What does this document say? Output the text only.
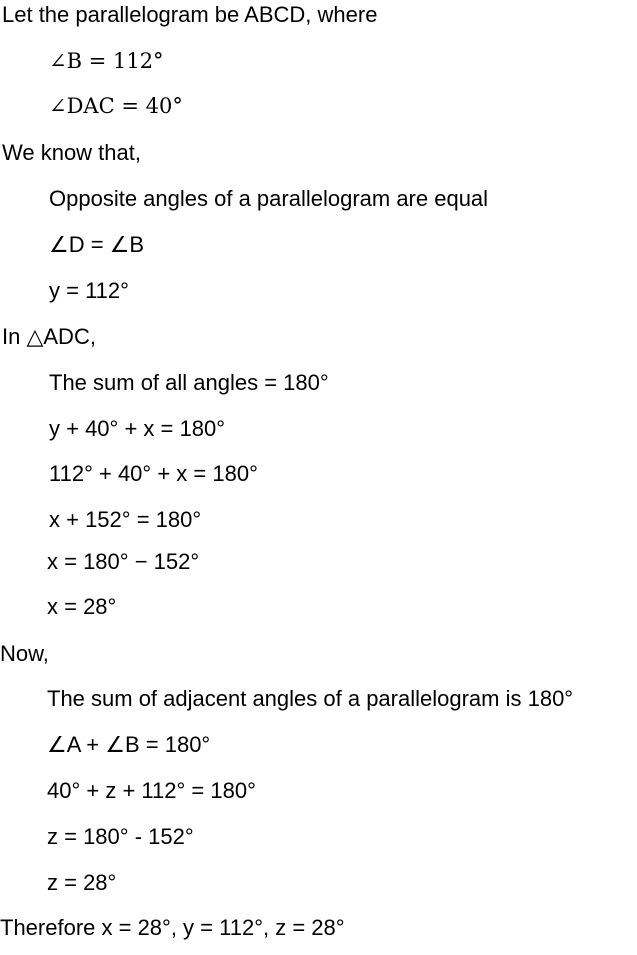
Let the parallelogram be ABCD, where
∠B = 112°
∠DAC = 40°
We know that,
Opposite angles of a parallelogram are equal
∠D = ∠B
y = 112°
In △ADC,
The sum of all angles = 180°
y + 40° + x = 180°
112° + 40° + x = 180°
x + 152° = 180°
x = 180° − 152°
x = 28°
Now,
The sum of adjacent angles of a parallelogram is 180°
∠A + ∠B = 180°
40° + z + 112° = 180°
z = 180° - 152°
z = 28°
Therefore x = 28°, y = 112°, z = 28°
